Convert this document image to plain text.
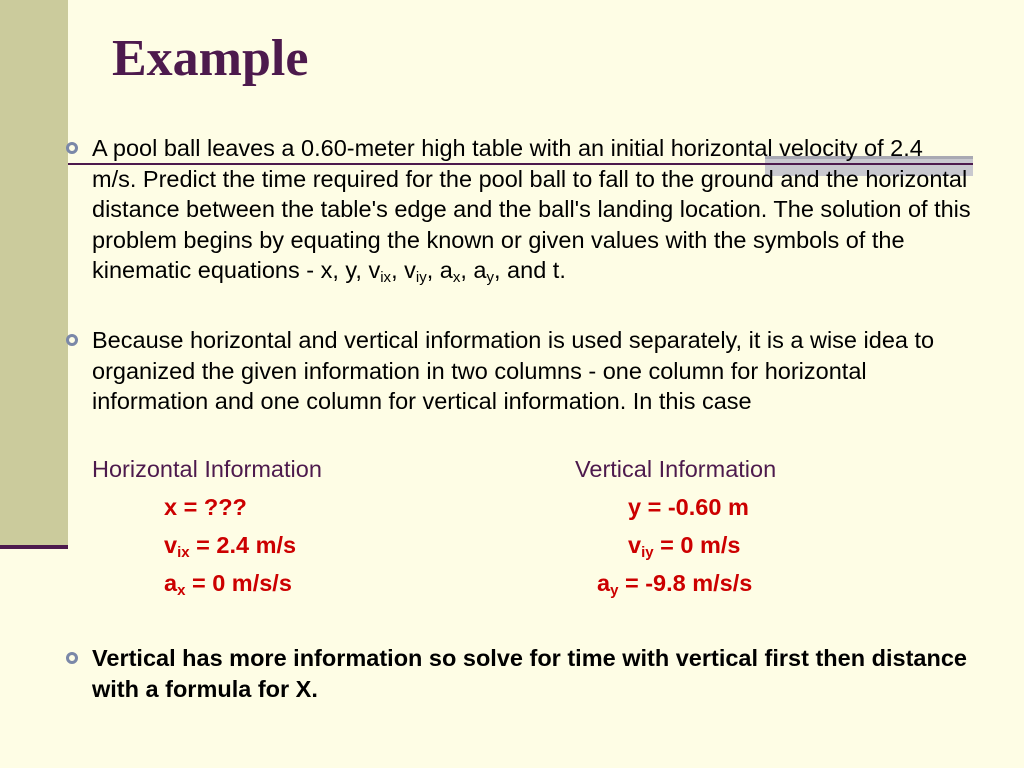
Example

A pool ball leaves a 0.60-meter high table with an initial horizontal velocity of 2.4 m/s. Predict the time required for the pool ball to fall to the ground and the horizontal distance between the table's edge and the ball's landing location. The solution of this problem begins by equating the known or given values with the symbols of the kinematic equations - x, y, $v_{ix}$, $v_{iy}$, $a_x$, $a_y$, and t.

Because horizontal and vertical information is used separately, it is a wise idea to organized the given information in two columns - one column for horizontal information and one column for vertical information. In this case

Horizontal Information	Vertical Information
x = ???	y = -0.60 m
$v_{ix} = 2.4$ m/s	$v_{iy} = 0$ m/s
$a_x = 0$ m/s/s	$a_y = -9.8$ m/s/s

Vertical has more information so solve for time with vertical first then distance with a formula for X.
